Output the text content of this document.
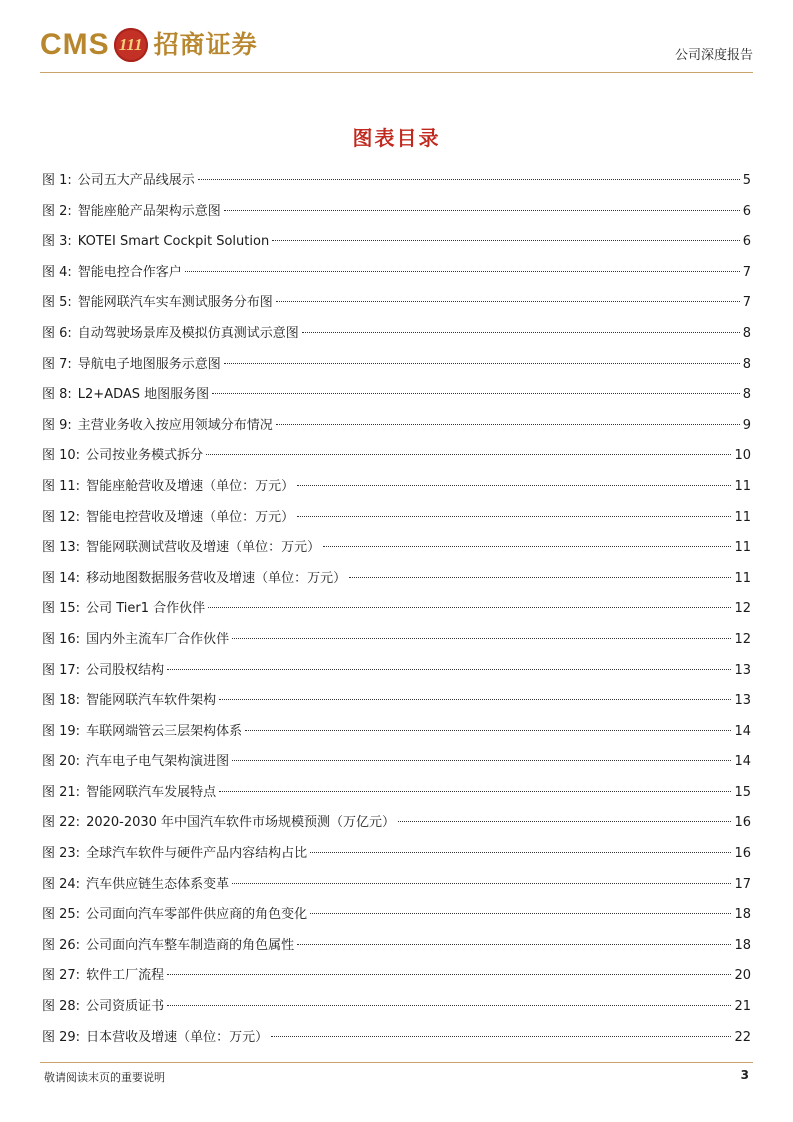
CMS 111 招商证券	公司深度报告
图表目录
图 1: 公司五大产品线展示	5
图 2: 智能座舱产品架构示意图	6
图 3: KOTEI Smart Cockpit Solution	6
图 4: 智能电控合作客户	7
图 5: 智能网联汽车实车测试服务分布图	7
图 6: 自动驾驶场景库及模拟仿真测试示意图	8
图 7: 导航电子地图服务示意图	8
图 8: L2+ADAS 地图服务图	8
图 9: 主营业务收入按应用领域分布情况	9
图 10: 公司按业务模式拆分	10
图 11: 智能座舱营收及增速（单位：万元）	11
图 12: 智能电控营收及增速（单位：万元）	11
图 13: 智能网联测试营收及增速（单位：万元）	11
图 14: 移动地图数据服务营收及增速（单位：万元）	11
图 15: 公司 Tier1 合作伙伴	12
图 16: 国内外主流车厂合作伙伴	12
图 17: 公司股权结构	13
图 18: 智能网联汽车软件架构	13
图 19: 车联网端管云三层架构体系	14
图 20: 汽车电子电气架构演进图	14
图 21: 智能网联汽车发展特点	15
图 22: 2020-2030 年中国汽车软件市场规模预测（万亿元）	16
图 23: 全球汽车软件与硬件产品内容结构占比	16
图 24: 汽车供应链生态体系变革	17
图 25: 公司面向汽车零部件供应商的角色变化	18
图 26: 公司面向汽车整车制造商的角色属性	18
图 27: 软件工厂流程	20
图 28: 公司资质证书	21
图 29: 日本营收及增速（单位：万元）	22
敬请阅读末页的重要说明	3
